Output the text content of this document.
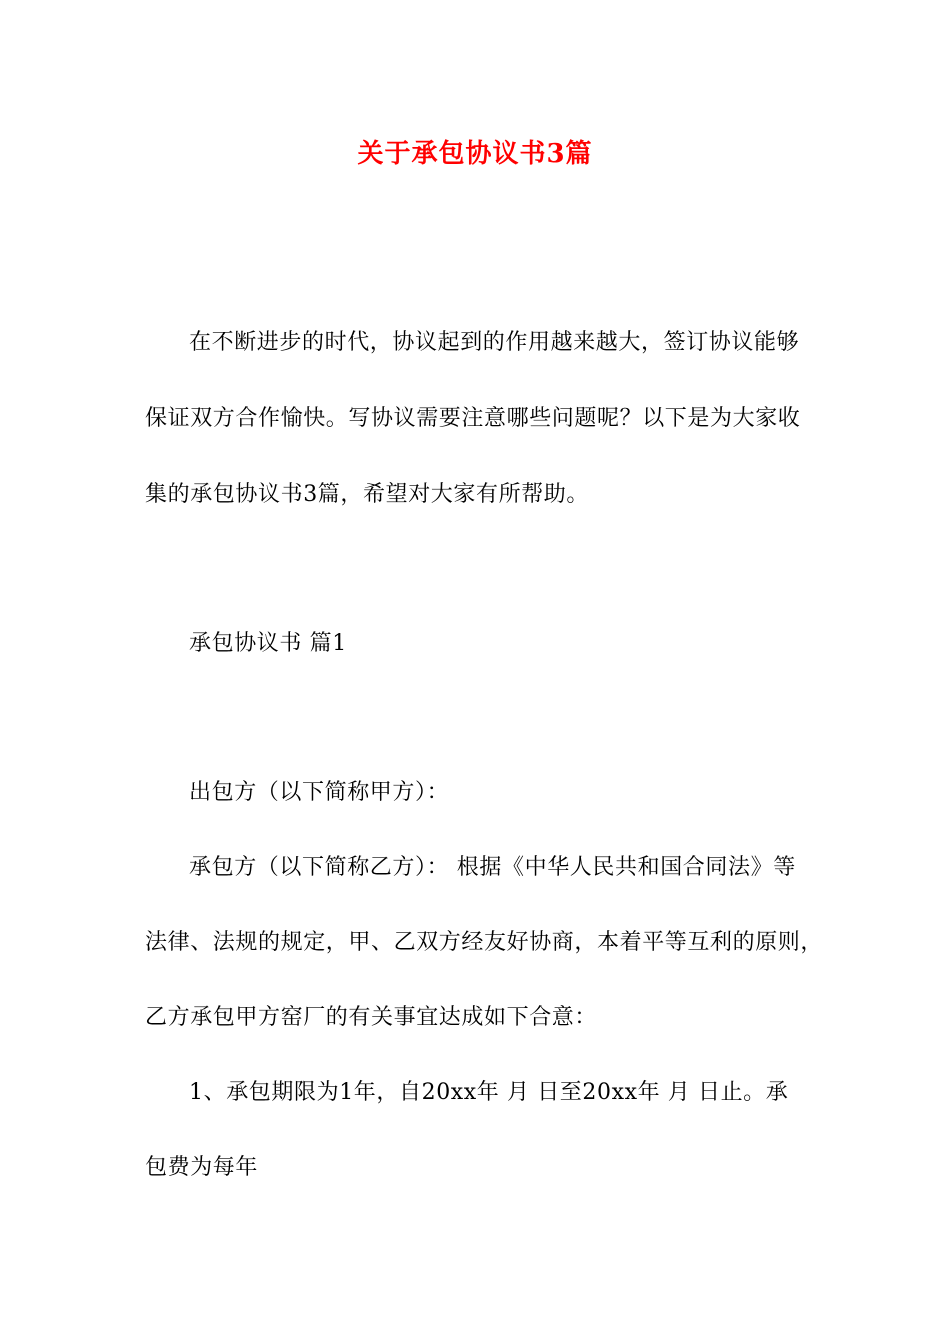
关于承包协议书3篇
在不断进步的时代，协议起到的作用越来越大，签订协议能够
保证双方合作愉快。写协议需要注意哪些问题呢？以下是为大家收
集的承包协议书3篇，希望对大家有所帮助。
承包协议书 篇1
出包方（以下简称甲方）：
承包方（以下简称乙方）： 根据《中华人民共和国合同法》等
法律、法规的规定，甲、乙双方经友好协商，本着平等互利的原则，
乙方承包甲方窑厂的有关事宜达成如下合意：
1、承包期限为1年，自20xx年 月 日至20xx年 月 日止。承
包费为每年
